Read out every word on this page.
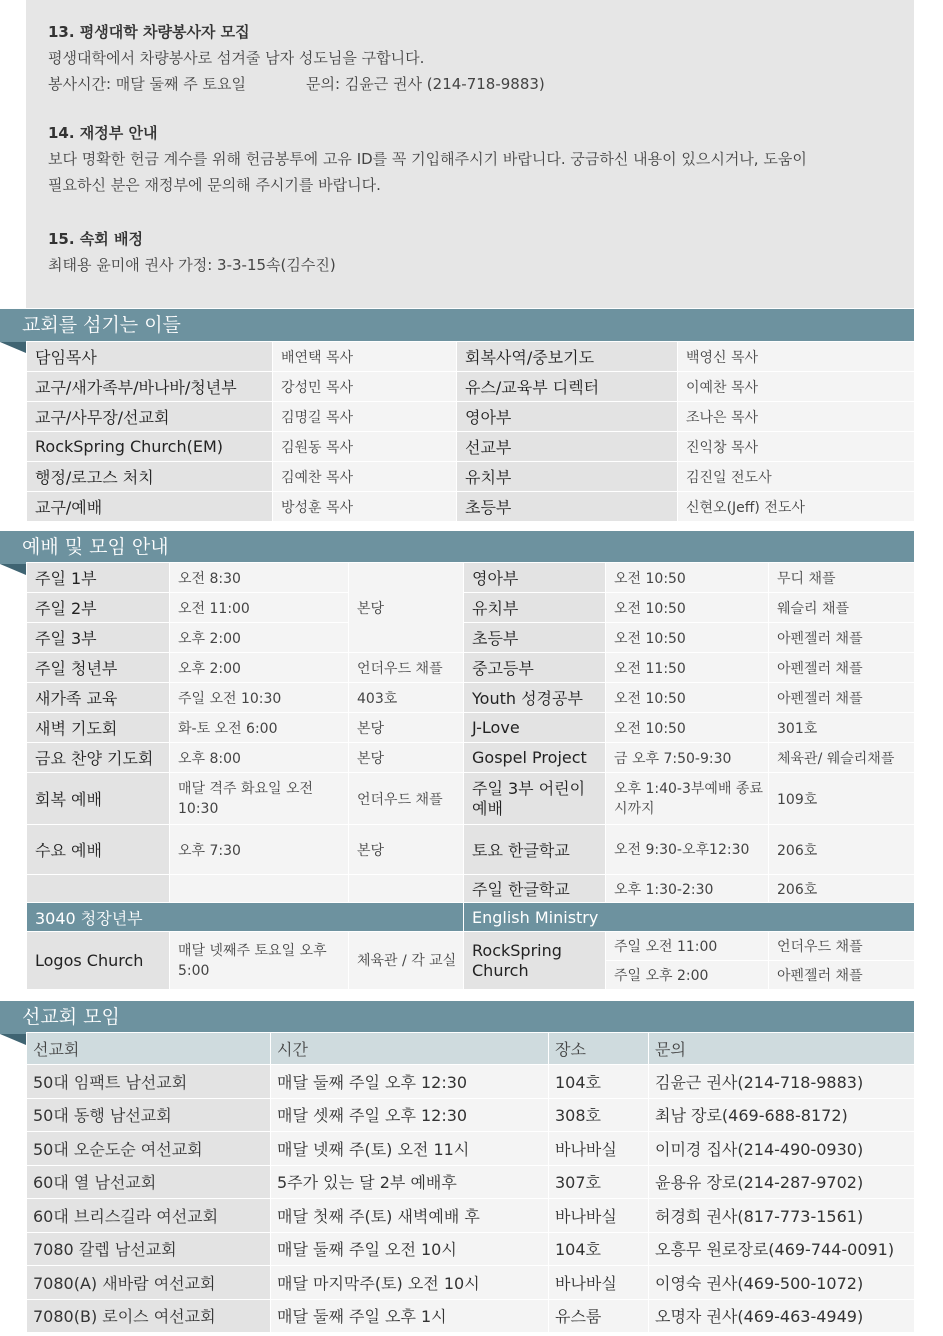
13. 평생대학 차량봉사자 모집
평생대학에서 차량봉사로 섬겨줄 남자 성도님을 구합니다.
봉사시간: 매달 둘째 주 토요일	문의: 김윤근 권사 (214-718-9883)
14. 재정부 안내
보다 명확한 헌금 계수를 위해 헌금봉투에 고유 ID를 꼭 기입해주시기 바랍니다. 궁금하신 내용이 있으시거나, 도움이
필요하신 분은 재정부에 문의해 주시기를 바랍니다.
15. 속회 배정
최태용 윤미애 권사 가정: 3-3-15속(김수진)
교회를 섬기는 이들
담임목사	배연택 목사	회복사역/중보기도	백영신 목사
교구/새가족부/바나바/청년부	강성민 목사	유스/교육부 디렉터	이예찬 목사
교구/사무장/선교회	김명길 목사	영아부	조나은 목사
RockSpring Church(EM)	김원동 목사	선교부	진익창 목사
행정/로고스 처치	김예찬 목사	유치부	김진일 전도사
교구/예배	방성훈 목사	초등부	신현오(Jeff) 전도사
예배 및 모임 안내
주일 1부	오전 8:30	본당	영아부	오전 10:50	무디 채플
주일 2부	오전 11:00		유치부	오전 10:50	웨슬리 채플
주일 3부	오후 2:00		초등부	오전 10:50	아펜젤러 채플
주일 청년부	오후 2:00	언더우드 채플	중고등부	오전 11:50	아펜젤러 채플
새가족 교육	주일 오전 10:30	403호	Youth 성경공부	오전 10:50	아펜젤러 채플
새벽 기도회	화-토 오전 6:00	본당	J-Love	오전 10:50	301호
금요 찬양 기도회	오후 8:00	본당	Gospel Project	금 오후 7:50-9:30	체육관/ 웨슬리채플
회복 예배	매달 격주 화요일 오전 10:30	언더우드 채플	주일 3부 어린이 예배	오후 1:40-3부예배 종료시까지	109호
수요 예배	오후 7:30	본당	토요 한글학교	오전 9:30-오후12:30	206호
			주일 한글학교	오후 1:30-2:30	206호
3040 청장년부			English Ministry		
Logos Church	매달 넷째주 토요일 오후 5:00	체육관 / 각 교실	RockSpring Church	주일 오전 11:00	언더우드 채플
				주일 오후 2:00	아펜젤러 채플
선교회 모임
선교회	시간	장소	문의
50대 임팩트 남선교회	매달 둘째 주일 오후 12:30	104호	김윤근 권사(214-718-9883)
50대 동행 남선교회	매달 셋째 주일 오후 12:30	308호	최남 장로(469-688-8172)
50대 오순도순 여선교회	매달 넷째 주(토) 오전 11시	바나바실	이미경 집사(214-490-0930)
60대 열 남선교회	5주가 있는 달 2부 예배후	307호	윤용유 장로(214-287-9702)
60대 브리스길라 여선교회	매달 첫째 주(토) 새벽예배 후	바나바실	허경희 권사(817-773-1561)
7080 갈렙 남선교회	매달 둘째 주일 오전 10시	104호	오흥무 원로장로(469-744-0091)
7080(A) 새바람 여선교회	매달 마지막주(토) 오전 10시	바나바실	이영숙 권사(469-500-1072)
7080(B) 로이스 여선교회	매달 둘째 주일 오후 1시	유스룸	오명자 권사(469-463-4949)
